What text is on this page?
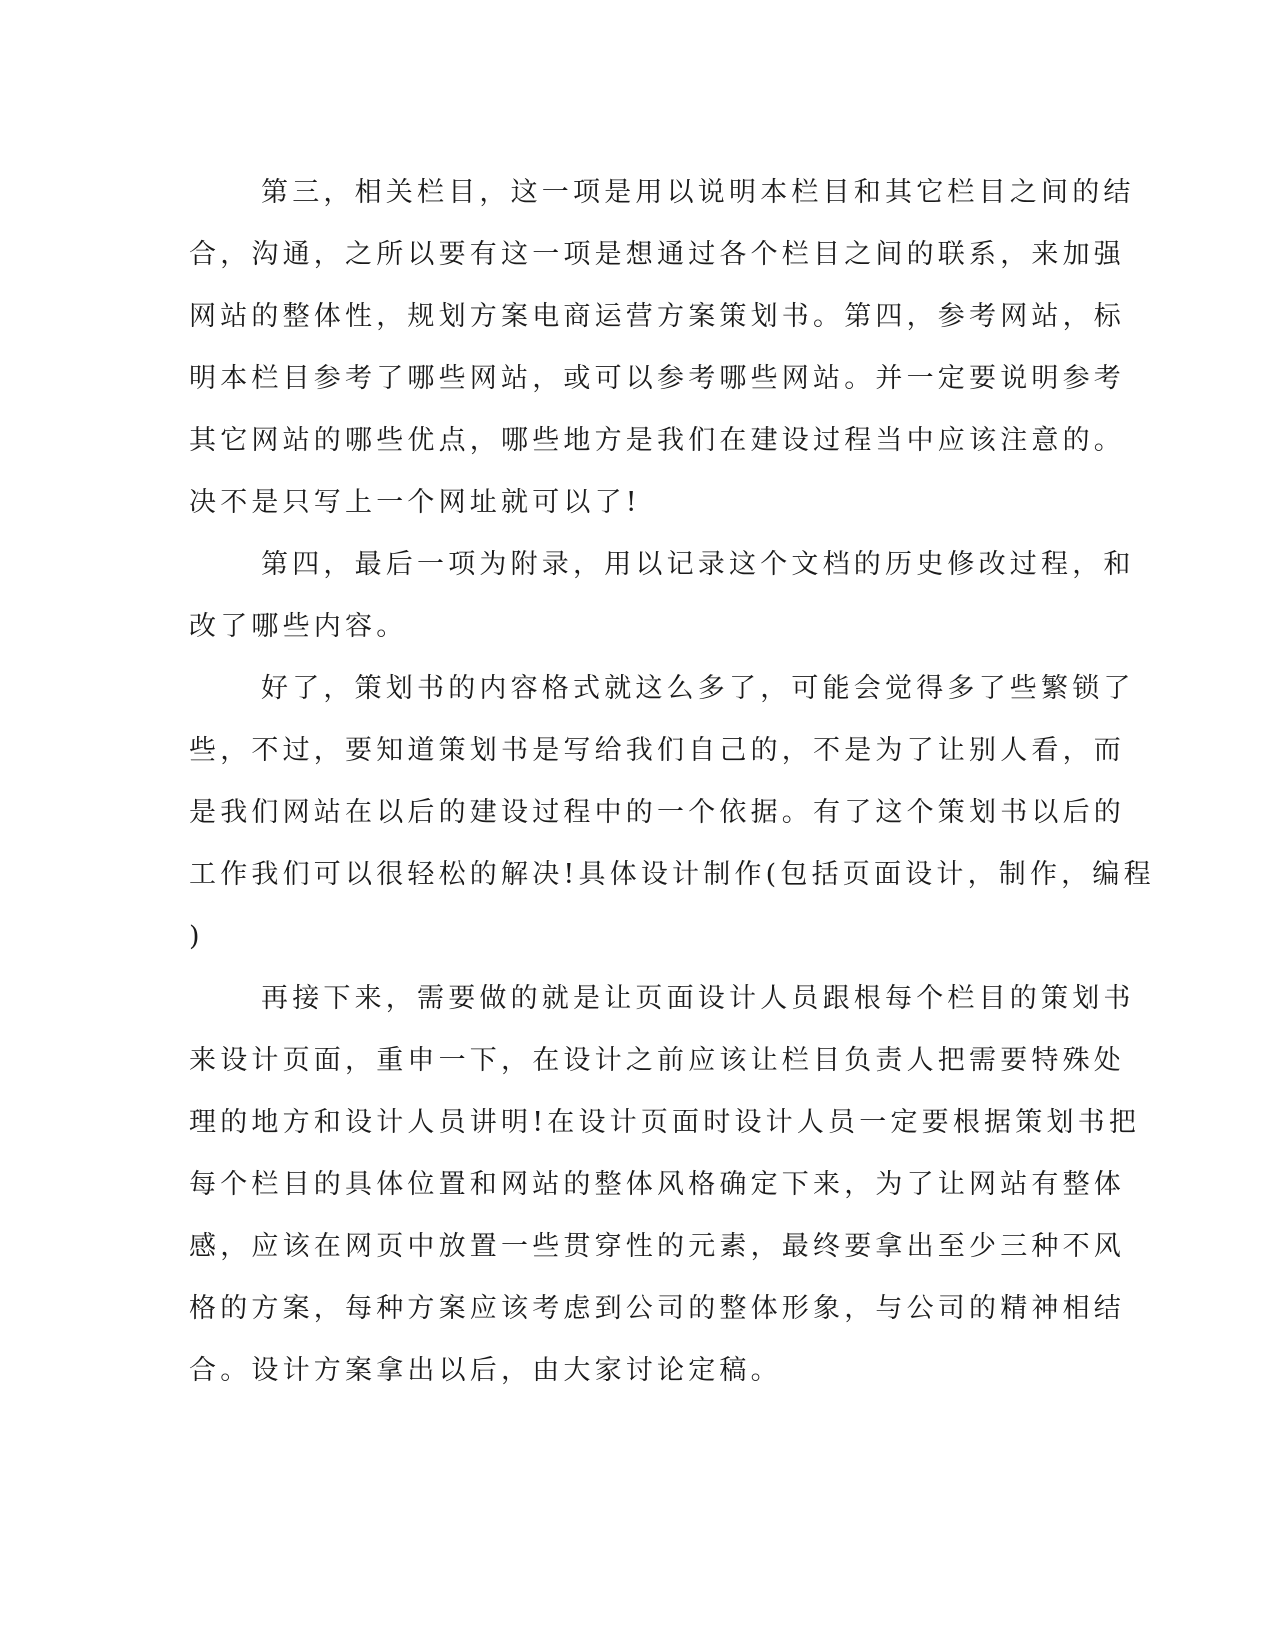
第三，相关栏目，这一项是用以说明本栏目和其它栏目之间的结
合，沟通，之所以要有这一项是想通过各个栏目之间的联系，来加强
网站的整体性，规划方案电商运营方案策划书。第四，参考网站，标
明本栏目参考了哪些网站，或可以参考哪些网站。并一定要说明参考
其它网站的哪些优点，哪些地方是我们在建设过程当中应该注意的。
决不是只写上一个网址就可以了!
第四，最后一项为附录，用以记录这个文档的历史修改过程，和
改了哪些内容。
好了，策划书的内容格式就这么多了，可能会觉得多了些繁锁了
些，不过，要知道策划书是写给我们自己的，不是为了让别人看，而
是我们网站在以后的建设过程中的一个依据。有了这个策划书以后的
工作我们可以很轻松的解决!具体设计制作(包括页面设计，制作，编程
)
再接下来，需要做的就是让页面设计人员跟根每个栏目的策划书
来设计页面，重申一下，在设计之前应该让栏目负责人把需要特殊处
理的地方和设计人员讲明!在设计页面时设计人员一定要根据策划书把
每个栏目的具体位置和网站的整体风格确定下来，为了让网站有整体
感，应该在网页中放置一些贯穿性的元素，最终要拿出至少三种不风
格的方案，每种方案应该考虑到公司的整体形象，与公司的精神相结
合。设计方案拿出以后，由大家讨论定稿。
